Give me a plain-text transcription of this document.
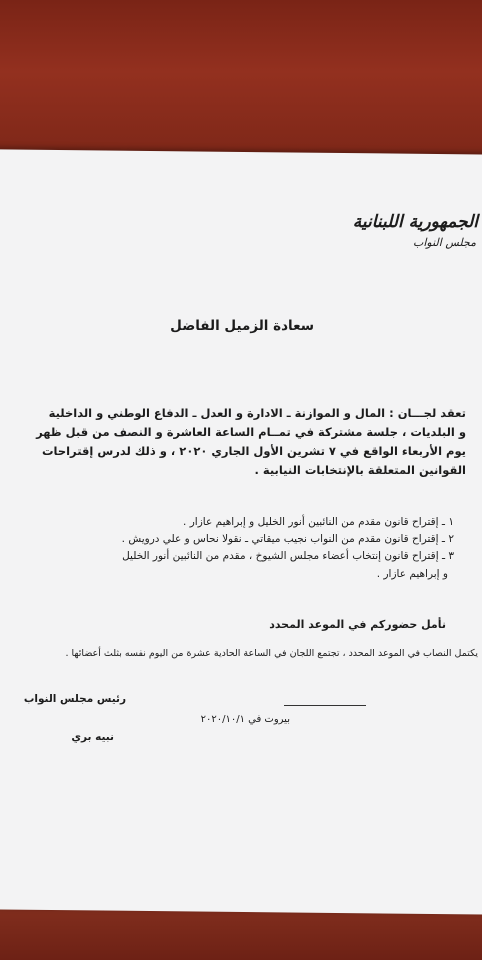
الجمهورية اللبنانية
مجلس النواب
سعادة الزميل الفاضل
تعقد لجـــان : المال و الموازنة ـ الادارة و العدل ـ الدفاع الوطني و الداخلية
و البلديات ، جلسة مشتركة في تمــام الساعة العاشرة و النصف من قبل ظهر
يوم الأربعاء الواقع في ٧ تشرين الأول الجاري ٢٠٢٠ ، و ذلك لدرس إقتراحات
القوانين المتعلقة بالإنتخابات النيابية .
١ ـ إقتراح قانون مقدم من النائبين أنور الخليل و إبراهيم عازار .
٢ ـ إقتراح قانون مقدم من النواب نجيب ميقاتي ـ نقولا نحاس و علي درويش .
٣ ـ إقتراح قانون إنتخاب أعضاء مجلس الشيوخ ، مقدم من النائبين أنور الخليل
و إبراهيم عازار .
نأمل حضوركم في الموعد المحدد
يكتمل النصاب في الموعد المحدد ، تجتمع اللجان في الساعة الحادية عشرة من اليوم نفسه بثلث أعضائها .
بيروت في ٢٠٢٠/١٠/١
رئيس مجلس النواب
نبيه بري
